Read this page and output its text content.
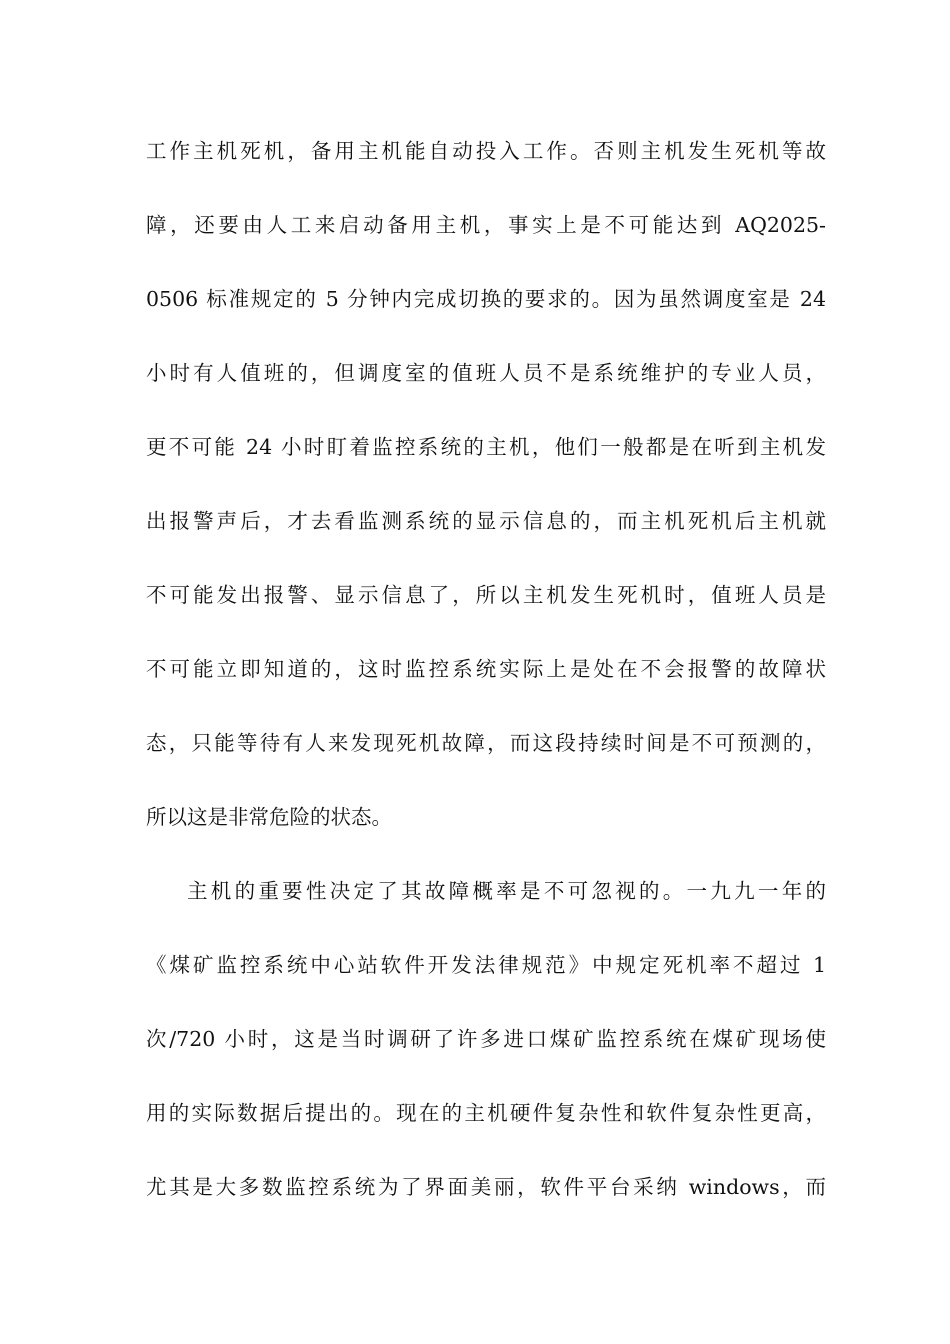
工作主机死机，备用主机能自动投入工作。否则主机发生死机等故
障，还要由人工来启动备用主机，事实上是不可能达到 AQ2025-
0506 标准规定的 5 分钟内完成切换的要求的。因为虽然调度室是 24
小时有人值班的，但调度室的值班人员不是系统维护的专业人员，
更不可能 24 小时盯着监控系统的主机，他们一般都是在听到主机发
出报警声后，才去看监测系统的显示信息的，而主机死机后主机就
不可能发出报警、显示信息了，所以主机发生死机时，值班人员是
不可能立即知道的，这时监控系统实际上是处在不会报警的故障状
态，只能等待有人来发现死机故障，而这段持续时间是不可预测的，
所以这是非常危险的状态。
主机的重要性决定了其故障概率是不可忽视的。一九九一年的
《煤矿监控系统中心站软件开发法律规范》中规定死机率不超过 1
次/720 小时，这是当时调研了许多进口煤矿监控系统在煤矿现场使
用的实际数据后提出的。现在的主机硬件复杂性和软件复杂性更高，
尤其是大多数监控系统为了界面美丽，软件平台采纳 windows，而
